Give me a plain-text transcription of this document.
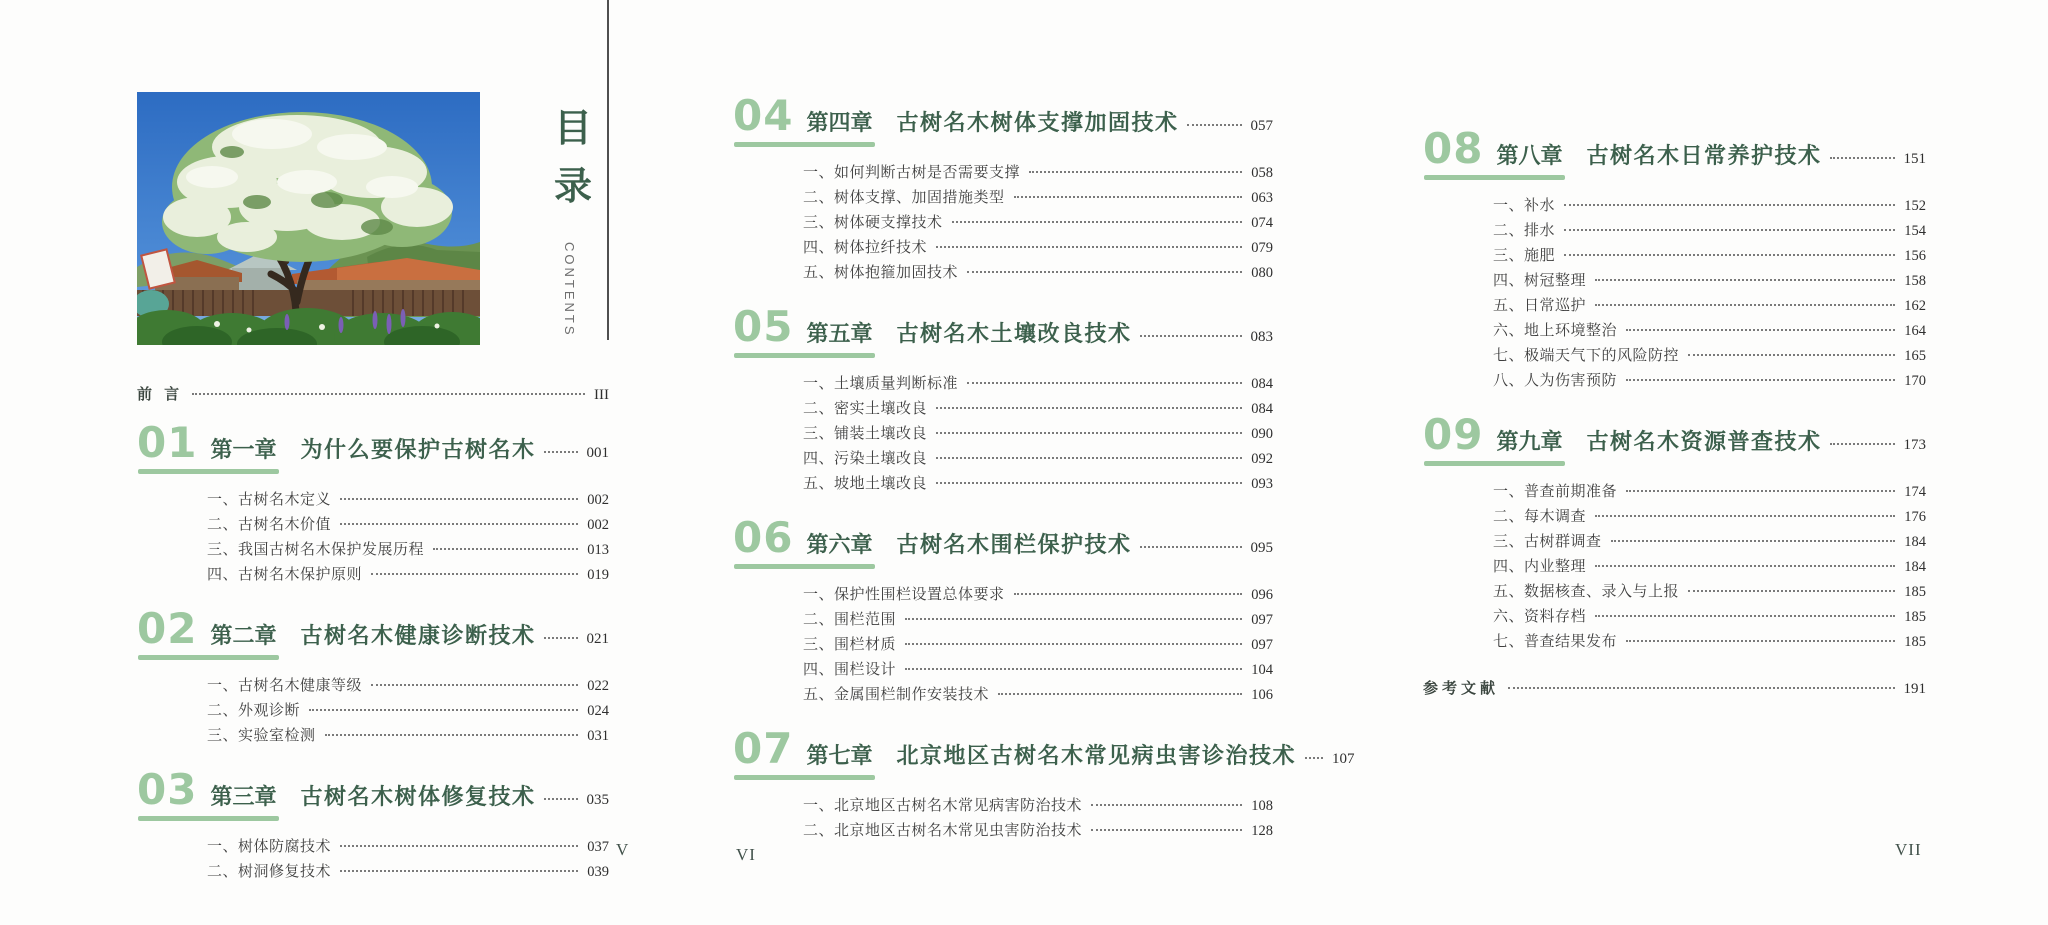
目
录
CONTENTS
前 言	III
01 第一章 为什么要保护古树名木	001
一、古树名木定义	002
二、古树名木价值	002
三、我国古树名木保护发展历程	013
四、古树名木保护原则	019
02 第二章 古树名木健康诊断技术	021
一、古树名木健康等级	022
二、外观诊断	024
三、实验室检测	031
03 第三章 古树名木树体修复技术	035
一、树体防腐技术	037
二、树洞修复技术	039
04 第四章 古树名木树体支撑加固技术	057
一、如何判断古树是否需要支撑	058
二、树体支撑、加固措施类型	063
三、树体硬支撑技术	074
四、树体拉纤技术	079
五、树体抱箍加固技术	080
05 第五章 古树名木土壤改良技术	083
一、土壤质量判断标准	084
二、密实土壤改良	084
三、铺装土壤改良	090
四、污染土壤改良	092
五、坡地土壤改良	093
06 第六章 古树名木围栏保护技术	095
一、保护性围栏设置总体要求	096
二、围栏范围	097
三、围栏材质	097
四、围栏设计	104
五、金属围栏制作安装技术	106
07 第七章 北京地区古树名木常见病虫害诊治技术 107
一、北京地区古树名木常见病害防治技术	108
二、北京地区古树名木常见虫害防治技术	128
08 第八章 古树名木日常养护技术	151
一、补水	152
二、排水	154
三、施肥	156
四、树冠整理	158
五、日常巡护	162
六、地上环境整治	164
七、极端天气下的风险防控	165
八、人为伤害预防	170
09 第九章 古树名木资源普查技术	173
一、普查前期准备	174
二、每木调查	176
三、古树群调查	184
四、内业整理	184
五、数据核查、录入与上报	185
六、资料存档	185
七、普查结果发布	185
参考文献	191
V	VI	VII
